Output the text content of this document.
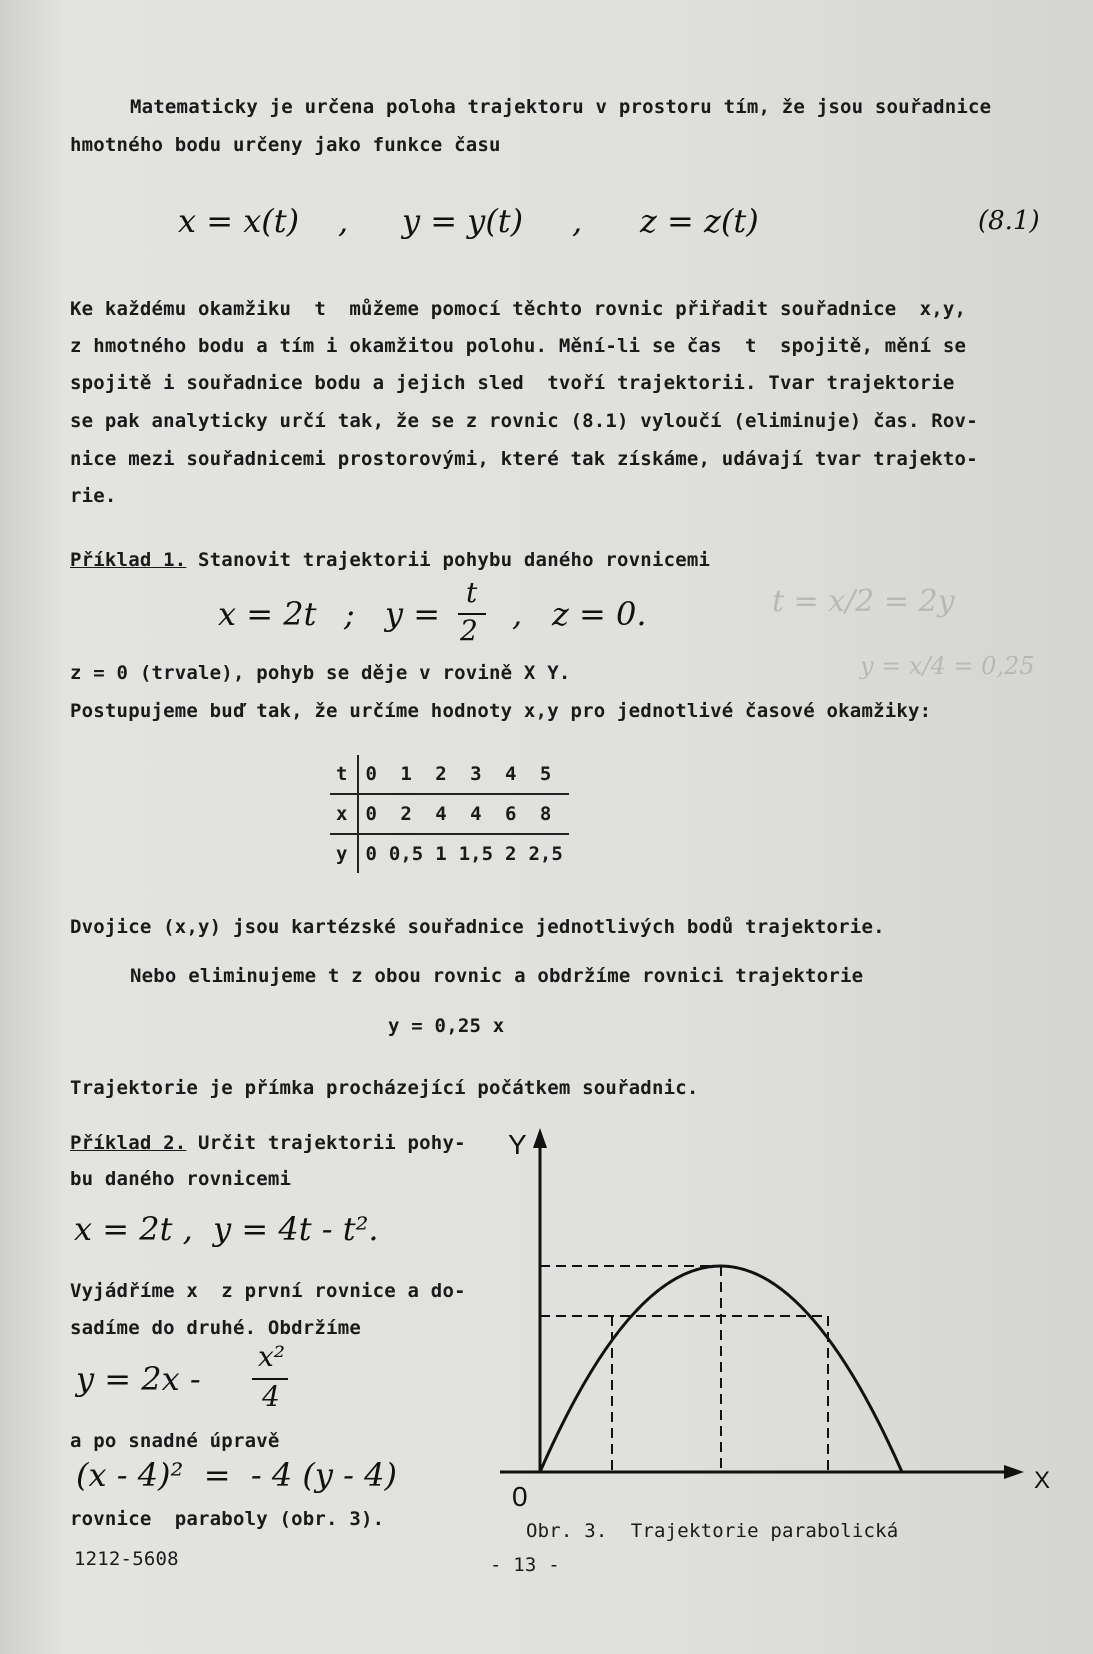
Matematicky je určena poloha trajektoru v prostoru tím, že jsou souřadnice
hmotného bodu určeny jako funkce času
x = x(t) , y = y(t) , z = z(t)	(8.1)
Ke každému okamžiku  t  můžeme pomocí těchto rovnic přiřadit souřadnice  x,y,
z hmotného bodu a tím i okamžitou polohu. Mění-li se čas  t  spojitě, mění se
spojitě i souřadnice bodu a jejich sled  tvoří trajektorii. Tvar trajektorie
se pak analyticky určí tak, že se z rovnic (8.1) vyloučí (eliminuje) čas. Rov-
nice mezi souřadnicemi prostorovými, které tak získáme, udávají tvar trajekto-
rie.
Příklad 1. Stanovit trajektorii pohybu daného rovnicemi
x = 2t ; y =
t
2 , z = 0.	t = x/2 = 2y
y = x/4 = 0,25
z = 0 (trvale), pohyb se děje v rovině X Y.
Postupujeme buď tak, že určíme hodnoty x,y pro jednotlivé časové okamžiky:
t	0	1	2	3	4	5
x	0	2	4	4	6	8
y	0	0,5	1	1,5	2	2,5
Dvojice (x,y) jsou kartézské souřadnice jednotlivých bodů trajektorie.
Nebo eliminujeme t z obou rovnic a obdržíme rovnici trajektorie
y = 0,25 x
Trajektorie je přímka procházející počátkem souřadnic.
Příklad 2. Určit trajektorii pohy-
bu daného rovnicemi
x = 2t ,  y = 4t - t².
Vyjádříme x  z první rovnice a do-
sadíme do druhé. Obdržíme
y = 2x -
x²
4
a po snadné úpravě
(x - 4)²  =  - 4 (y - 4)
rovnice  paraboly (obr. 3).
Y
X
0
Obr. 3.  Trajektorie parabolická
1212-5608	- 13 -
